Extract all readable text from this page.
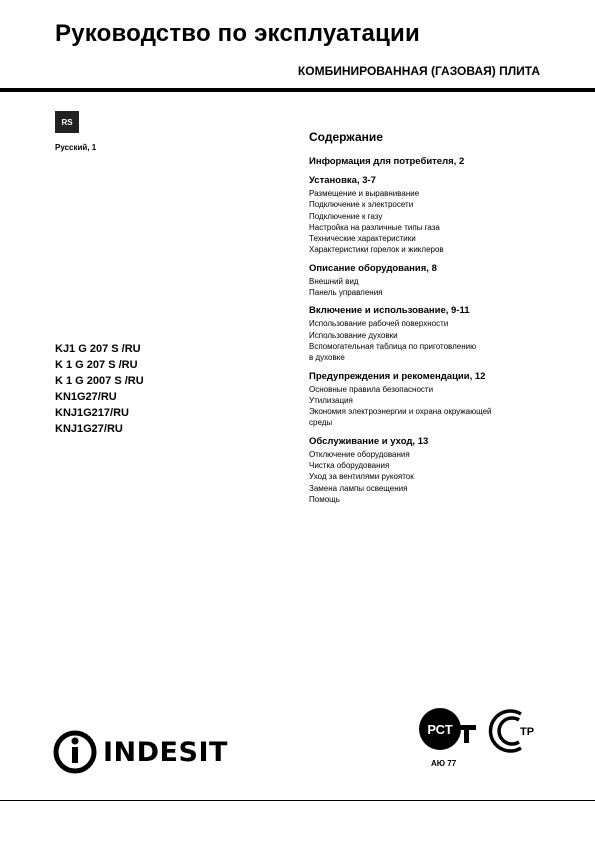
Руководство по эксплуатации
КОМБИНИРОВАННАЯ (ГАЗОВАЯ) ПЛИТА
RS
Русский, 1
KJ1 G 207 S /RU
K 1 G 207 S /RU
K 1 G 2007 S /RU
KN1G27/RU
KNJ1G217/RU
KNJ1G27/RU
Содержание
Информация для потребителя, 2
Установка, 3-7
Размещение и выравнивание
Подключение к электросети
Подключение к газу
Настройка на различные типы газа
Технические характеристики
Характеристики горелок и жиклеров
Описание оборудования, 8
Внешний вид
Панель управления
Включение и использование, 9-11
Использование рабочей поверхности
Использование духовки
Вспомогательная таблица по приготовлению
в духовке
Предупреждения и рекомендации, 12
Основные правила безопасности
Утилизация
Экономия электроэнергии и охрана окружающей
среды
Обслуживание и уход, 13
Отключение оборудования
Чистка оборудования
Уход за вентилями рукояток
Замена лампы освещения
Помощь
INDESIT
РСТ	ТР
АЮ 77
